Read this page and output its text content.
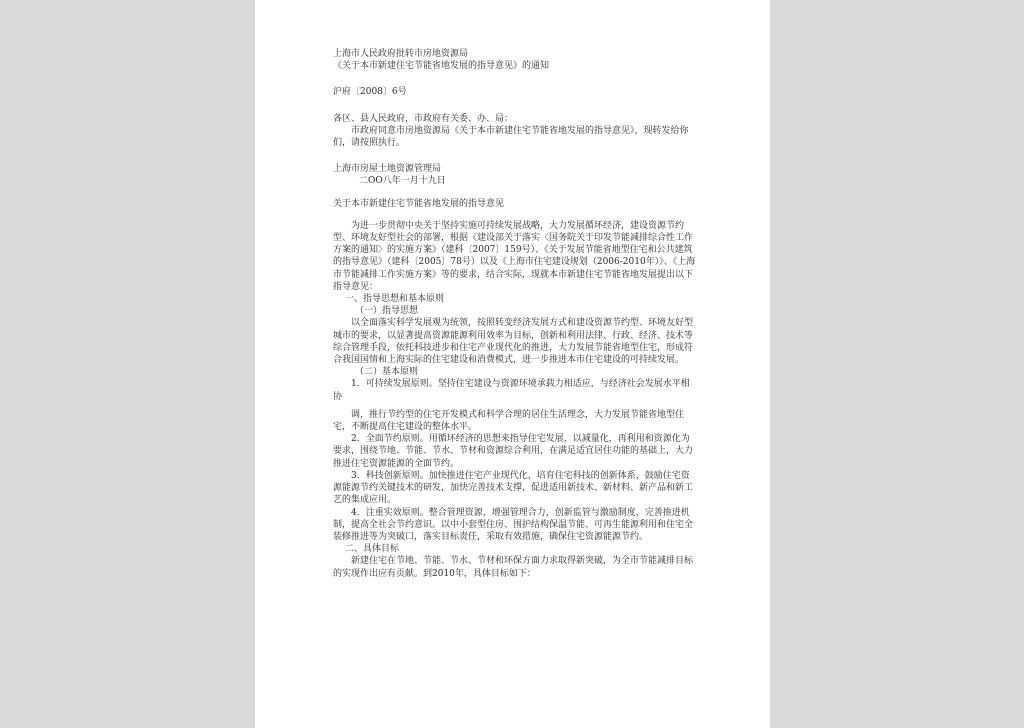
上海市人民政府批转市房地资源局

《关于本市新建住宅节能省地发展的指导意见》的通知

沪府〔2008〕6号

各区、县人民政府，市政府有关委、办、局：

市政府同意市房地资源局《关于本市新建住宅节能省地发展的指导意见》，现转发给你们，请按照执行。

上海市房屋土地资源管理局

二OO八年一月十九日

关于本市新建住宅节能省地发展的指导意见

为进一步贯彻中央关于坚持实施可持续发展战略，大力发展循环经济，建设资源节约型、环境友好型社会的部署，根据《建设部关于落实〈国务院关于印发节能减排综合性工作方案的通知〉的实施方案》（建科〔2007〕159号）、《关于发展节能省地型住宅和公共建筑的指导意见》（建科〔2005〕78号）以及《上海市住宅建设规划（2006-2010年）》、《上海市节能减排工作实施方案》等的要求，结合实际，现就本市新建住宅节能省地发展提出以下指导意见：

一、指导思想和基本原则

（一）指导思想

以全面落实科学发展观为统领，按照转变经济发展方式和建设资源节约型、环境友好型城市的要求，以显著提高资源能源利用效率为目标，创新和利用法律、行政、经济、技术等综合管理手段，依托科技进步和住宅产业现代化的推进，大力发展节能省地型住宅，形成符合我国国情和上海实际的住宅建设和消费模式，进一步推进本市住宅建设的可持续发展。

（二）基本原则

1．可持续发展原则。坚持住宅建设与资源环境承载力相适应，与经济社会发展水平相协

调，推行节约型的住宅开发模式和科学合理的居住生活理念，大力发展节能省地型住宅，不断提高住宅建设的整体水平。

2．全面节约原则。用循环经济的思想来指导住宅发展，以减量化，再利用和资源化为要求，围绕节地、节能、节水、节材和资源综合利用，在满足适宜居住功能的基础上，大力推进住宅资源能源的全面节约。

3．科技创新原则。加快推进住宅产业现代化，培育住宅科技的创新体系，鼓励住宅资源能源节约关键技术的研发，加快完善技术支撑，促进适用新技术、新材料、新产品和新工艺的集成应用。

4．注重实效原则。整合管理资源，增强管理合力，创新监管与激励制度，完善推进机制，提高全社会节约意识。以中小套型住房、围护结构保温节能、可再生能源利用和住宅全装修推进等为突破口，落实目标责任，采取有效措施，确保住宅资源能源节约。

二、具体目标

新建住宅在节地、节能、节水、节材和环保方面力求取得新突破，为全市节能减排目标的实现作出应有贡献。到2010年，具体目标如下：
